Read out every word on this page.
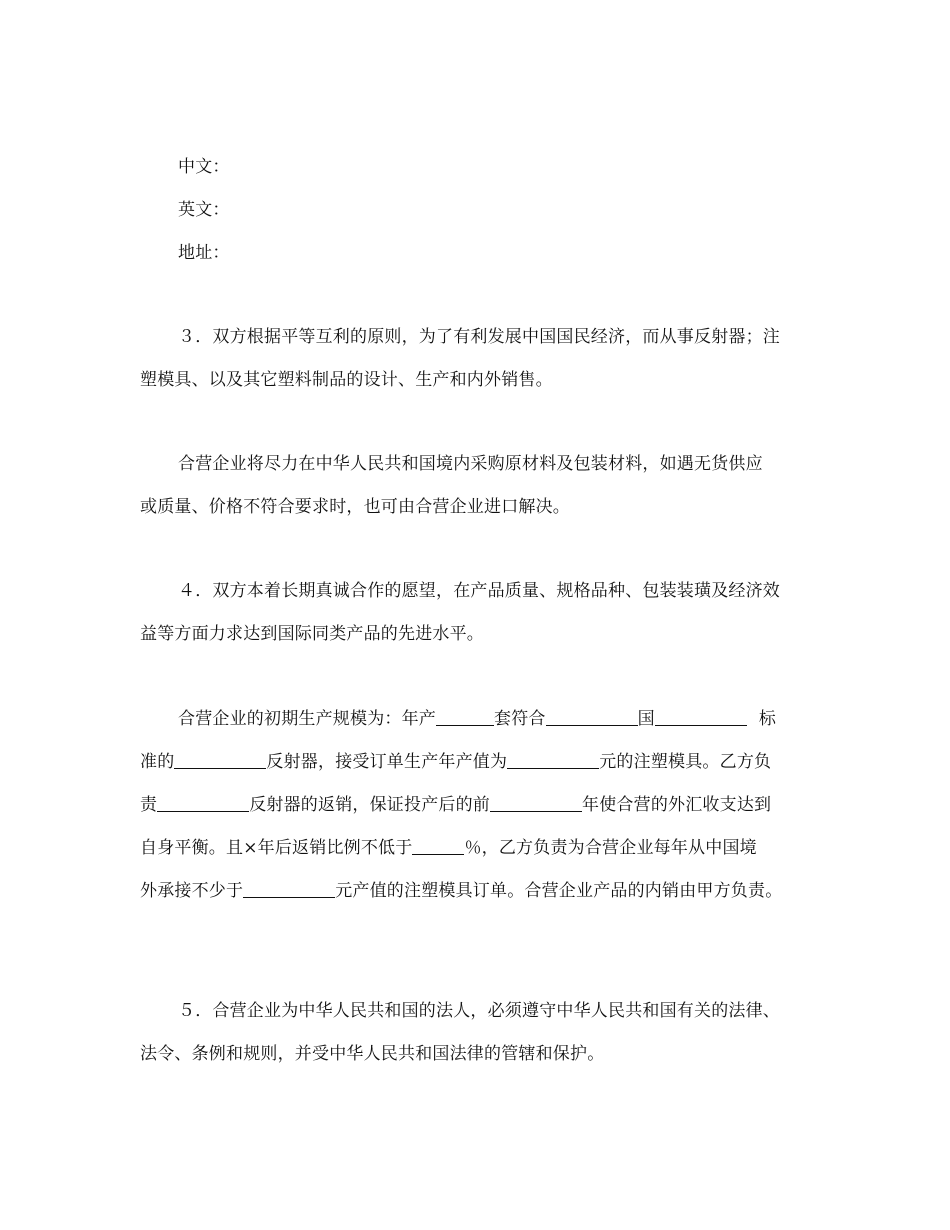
中文：
英文：
地址：
３．双方根据平等互利的原则，为了有利发展中国国民经济，而从事反射器；注
塑模具、以及其它塑料制品的设计、生产和内外销售。
合营企业将尽力在中华人民共和国境内采购原材料及包装材料，如遇无货供应
或质量、价格不符合要求时，也可由合营企业进口解决。
４．双方本着长期真诚合作的愿望，在产品质量、规格品种、包装装璜及经济效
益等方面力求达到国际同类产品的先进水平。
合营企业的初期生产规模为：年产	套符合	国	标
准的	反射器，接受订单生产年产值为	元的注塑模具。乙方负
责	反射器的返销，保证投产后的前	年使合营的外汇收支达到
自身平衡。且×年后返销比例不低于	％，乙方负责为合营企业每年从中国境
外承接不少于	元产值的注塑模具订单。合营企业产品的内销由甲方负责。
５．合营企业为中华人民共和国的法人，必须遵守中华人民共和国有关的法律、
法令、条例和规则，并受中华人民共和国法律的管辖和保护。
